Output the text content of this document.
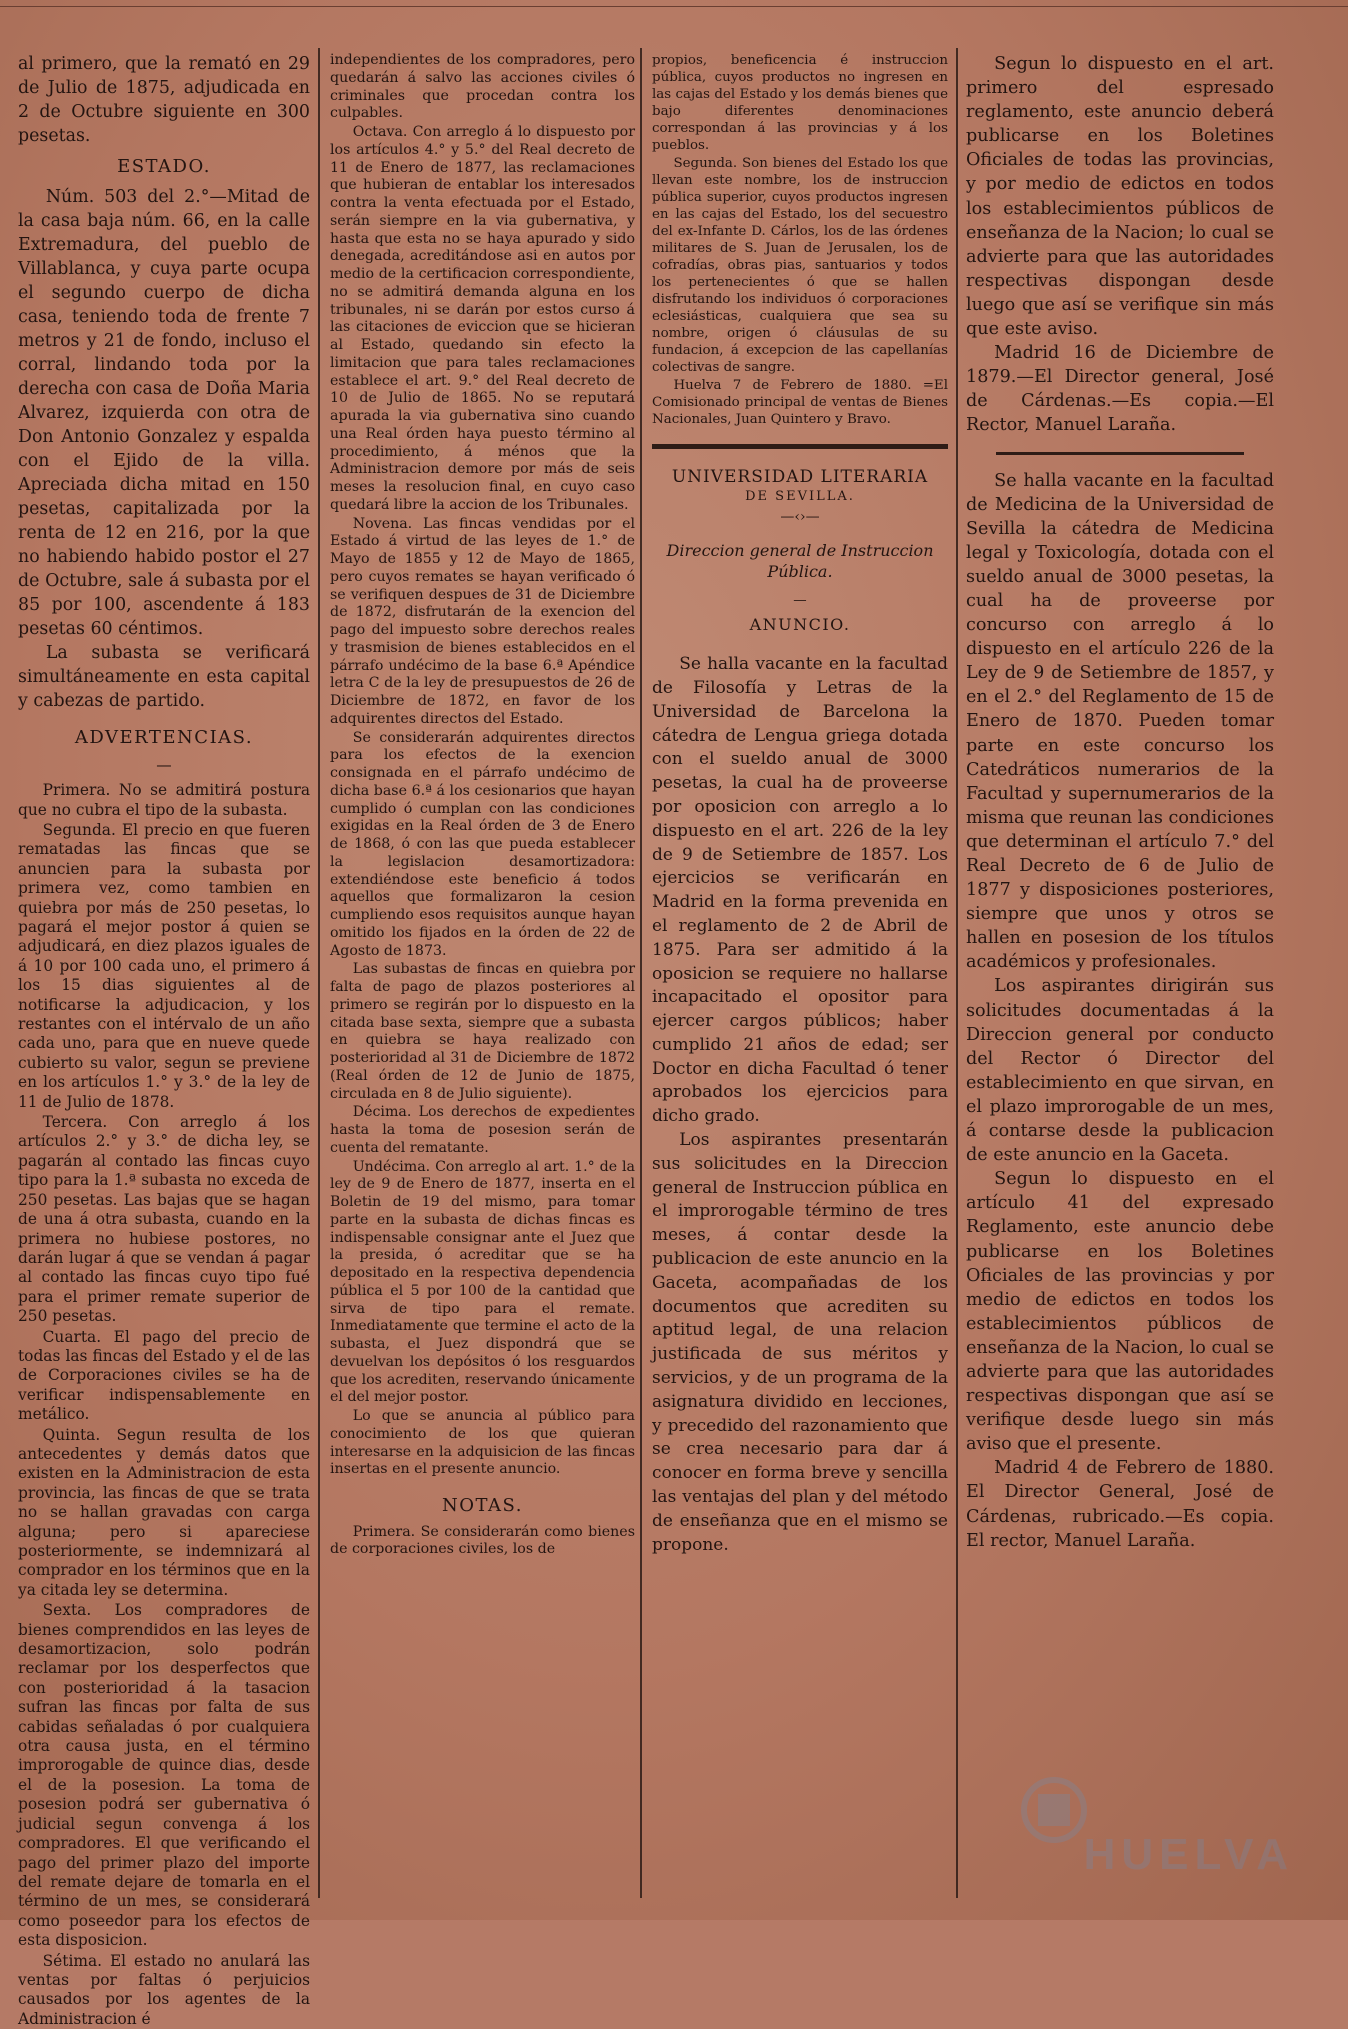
al primero, que la remató en 29 de Julio de 1875, adjudicada en 2 de Octubre siguiente en 300 pesetas.

ESTADO.

Núm. 503 del 2.°—Mitad de la casa baja núm. 66, en la calle Extremadura, del pueblo de Villablanca, y cuya parte ocupa el segundo cuerpo de dicha casa, teniendo toda de frente 7 metros y 21 de fondo, incluso el corral, lindando toda por la derecha con casa de Doña Maria Alvarez, izquierda con otra de Don Antonio Gonzalez y espalda con el Ejido de la villa. Apreciada dicha mitad en 150 pesetas, capitalizada por la renta de 12 en 216, por la que no habiendo habido postor el 27 de Octubre, sale á subasta por el 85 por 100, ascendente á 183 pesetas 60 céntimos.

La subasta se verificará simultáneamente en esta capital y cabezas de partido.

ADVERTENCIAS.
—

Primera. No se admitirá postura que no cubra el tipo de la subasta.

Segunda. El precio en que fueren rematadas las fincas que se anuncien para la subasta por primera vez, como tambien en quiebra por más de 250 pesetas, lo pagará el mejor postor á quien se adjudicará, en diez plazos iguales de á 10 por 100 cada uno, el primero á los 15 dias siguientes al de notificarse la adjudicacion, y los restantes con el intérvalo de un año cada uno, para que en nueve quede cubierto su valor, segun se previene en los artículos 1.° y 3.° de la ley de 11 de Julio de 1878.

Tercera. Con arreglo á los artículos 2.° y 3.° de dicha ley, se pagarán al contado las fincas cuyo tipo para la 1.ª subasta no exceda de 250 pesetas. Las bajas que se hagan de una á otra subasta, cuando en la primera no hubiese postores, no darán lugar á que se vendan á pagar al contado las fincas cuyo tipo fué para el primer remate superior de 250 pesetas.

Cuarta. El pago del precio de todas las fincas del Estado y el de las de Corporaciones civiles se ha de verificar indispensablemente en metálico.

Quinta. Segun resulta de los antecedentes y demás datos que existen en la Administracion de esta provincia, las fincas de que se trata no se hallan gravadas con carga alguna; pero si apareciese posteriormente, se indemnizará al comprador en los términos que en la ya citada ley se determina.

Sexta. Los compradores de bienes comprendidos en las leyes de desamortizacion, solo podrán reclamar por los desperfectos que con posterioridad á la tasacion sufran las fincas por falta de sus cabidas señaladas ó por cualquiera otra causa justa, en el término improrogable de quince dias, desde el de la posesion. La toma de posesion podrá ser gubernativa ó judicial segun convenga á los compradores. El que verificando el pago del primer plazo del importe del remate dejare de tomarla en el término de un mes, se considerará como poseedor para los efectos de esta disposicion.

Sétima. El estado no anulará las ventas por faltas ó perjuicios causados por los agentes de la Administracion é

independientes de los compradores, pero quedarán á salvo las acciones civiles ó criminales que procedan contra los culpables.

Octava. Con arreglo á lo dispuesto por los artículos 4.° y 5.° del Real decreto de 11 de Enero de 1877, las reclamaciones que hubieran de entablar los interesados contra la venta efectuada por el Estado, serán siempre en la via gubernativa, y hasta que esta no se haya apurado y sido denegada, acreditándose asi en autos por medio de la certificacion correspondiente, no se admitirá demanda alguna en los tribunales, ni se darán por estos curso á las citaciones de eviccion que se hicieran al Estado, quedando sin efecto la limitacion que para tales reclamaciones establece el art. 9.° del Real decreto de 10 de Julio de 1865. No se reputará apurada la via gubernativa sino cuando una Real órden haya puesto término al procedimiento, á ménos que la Administracion demore por más de seis meses la resolucion final, en cuyo caso quedará libre la accion de los Tribunales.

Novena. Las fincas vendidas por el Estado á virtud de las leyes de 1.° de Mayo de 1855 y 12 de Mayo de 1865, pero cuyos remates se hayan verificado ó se verifiquen despues de 31 de Diciembre de 1872, disfrutarán de la exencion del pago del impuesto sobre derechos reales y trasmision de bienes establecidos en el párrafo undécimo de la base 6.ª Apéndice letra C de la ley de presupuestos de 26 de Diciembre de 1872, en favor de los adquirentes directos del Estado.

Se considerarán adquirentes directos para los efectos de la exencion consignada en el párrafo undécimo de dicha base 6.ª á los cesionarios que hayan cumplido ó cumplan con las condiciones exigidas en la Real órden de 3 de Enero de 1868, ó con las que pueda establecer la legislacion desamortizadora: extendiéndose este beneficio á todos aquellos que formalizaron la cesion cumpliendo esos requisitos aunque hayan omitido los fijados en la órden de 22 de Agosto de 1873.

Las subastas de fincas en quiebra por falta de pago de plazos posteriores al primero se regirán por lo dispuesto en la citada base sexta, siempre que a subasta en quiebra se haya realizado con posterioridad al 31 de Diciembre de 1872 (Real órden de 12 de Junio de 1875, circulada en 8 de Julio siguiente).

Décima. Los derechos de expedientes hasta la toma de posesion serán de cuenta del rematante.

Undécima. Con arreglo al art. 1.° de la ley de 9 de Enero de 1877, inserta en el Boletin de 19 del mismo, para tomar parte en la subasta de dichas fincas es indispensable consignar ante el Juez que la presida, ó acreditar que se ha depositado en la respectiva dependencia pública el 5 por 100 de la cantidad que sirva de tipo para el remate. Inmediatamente que termine el acto de la subasta, el Juez dispondrá que se devuelvan los depósitos ó los resguardos que los acrediten, reservando únicamente el del mejor postor.

Lo que se anuncia al público para conocimiento de los que quieran interesarse en la adquisicion de las fincas insertas en el presente anuncio.

NOTAS.

Primera. Se considerarán como bienes de corporaciones civiles, los de

propios, beneficencia é instruccion pública, cuyos productos no ingresen en las cajas del Estado y los demás bienes que bajo diferentes denominaciones correspondan á las provincias y á los pueblos.

Segunda. Son bienes del Estado los que llevan este nombre, los de instruccion pública superior, cuyos productos ingresen en las cajas del Estado, los del secuestro del ex-Infante D. Cárlos, los de las órdenes militares de S. Juan de Jerusalen, los de cofradías, obras pias, santuarios y todos los pertenecientes ó que se hallen disfrutando los individuos ó corporaciones eclesiásticas, cualquiera que sea su nombre, origen ó cláusulas de su fundacion, á excepcion de las capellanías colectivas de sangre.

Huelva 7 de Febrero de 1880. =El Comisionado principal de ventas de Bienes Nacionales, Juan Quintero y Bravo.

UNIVERSIDAD LITERARIA
DE SEVILLA.
—‹›—
Direccion general de Instruccion Pública.
—
ANUNCIO.

Se halla vacante en la facultad de Filosofía y Letras de la Universidad de Barcelona la cátedra de Lengua griega dotada con el sueldo anual de 3000 pesetas, la cual ha de proveerse por oposicion con arreglo a lo dispuesto en el art. 226 de la ley de 9 de Setiembre de 1857. Los ejercicios se verificarán en Madrid en la forma prevenida en el reglamento de 2 de Abril de 1875. Para ser admitido á la oposicion se requiere no hallarse incapacitado el opositor para ejercer cargos públicos; haber cumplido 21 años de edad; ser Doctor en dicha Facultad ó tener aprobados los ejercicios para dicho grado.

Los aspirantes presentarán sus solicitudes en la Direccion general de Instruccion pública en el improrogable término de tres meses, á contar desde la publicacion de este anuncio en la Gaceta, acompañadas de los documentos que acrediten su aptitud legal, de una relacion justificada de sus méritos y servicios, y de un programa de la asignatura dividido en lecciones, y precedido del razonamiento que se crea necesario para dar á conocer en forma breve y sencilla las ventajas del plan y del método de enseñanza que en el mismo se propone.

Segun lo dispuesto en el art. primero del espresado reglamento, este anuncio deberá publicarse en los Boletines Oficiales de todas las provincias, y por medio de edictos en todos los establecimientos públicos de enseñanza de la Nacion; lo cual se advierte para que las autoridades respectivas dispongan desde luego que así se verifique sin más que este aviso.

Madrid 16 de Diciembre de 1879.—El Director general, José de Cárdenas.—Es copia.—El Rector, Manuel Laraña.

Se halla vacante en la facultad de Medicina de la Universidad de Sevilla la cátedra de Medicina legal y Toxicología, dotada con el sueldo anual de 3000 pesetas, la cual ha de proveerse por concurso con arreglo á lo dispuesto en el artículo 226 de la Ley de 9 de Setiembre de 1857, y en el 2.° del Reglamento de 15 de Enero de 1870. Pueden tomar parte en este concurso los Catedráticos numerarios de la Facultad y supernumerarios de la misma que reunan las condiciones que determinan el artículo 7.° del Real Decreto de 6 de Julio de 1877 y disposiciones posteriores, siempre que unos y otros se hallen en posesion de los títulos académicos y profesionales.

Los aspirantes dirigirán sus solicitudes documentadas á la Direccion general por conducto del Rector ó Director del establecimiento en que sirvan, en el plazo improrogable de un mes, á contarse desde la publicacion de este anuncio en la Gaceta.

Segun lo dispuesto en el artículo 41 del expresado Reglamento, este anuncio debe publicarse en los Boletines Oficiales de las provincias y por medio de edictos en todos los establecimientos públicos de enseñanza de la Nacion, lo cual se advierte para que las autoridades respectivas dispongan que así se verifique desde luego sin más aviso que el presente.

Madrid 4 de Febrero de 1880. El Director General, José de Cárdenas, rubricado.—Es copia. El rector, Manuel Laraña.

HUELVA
